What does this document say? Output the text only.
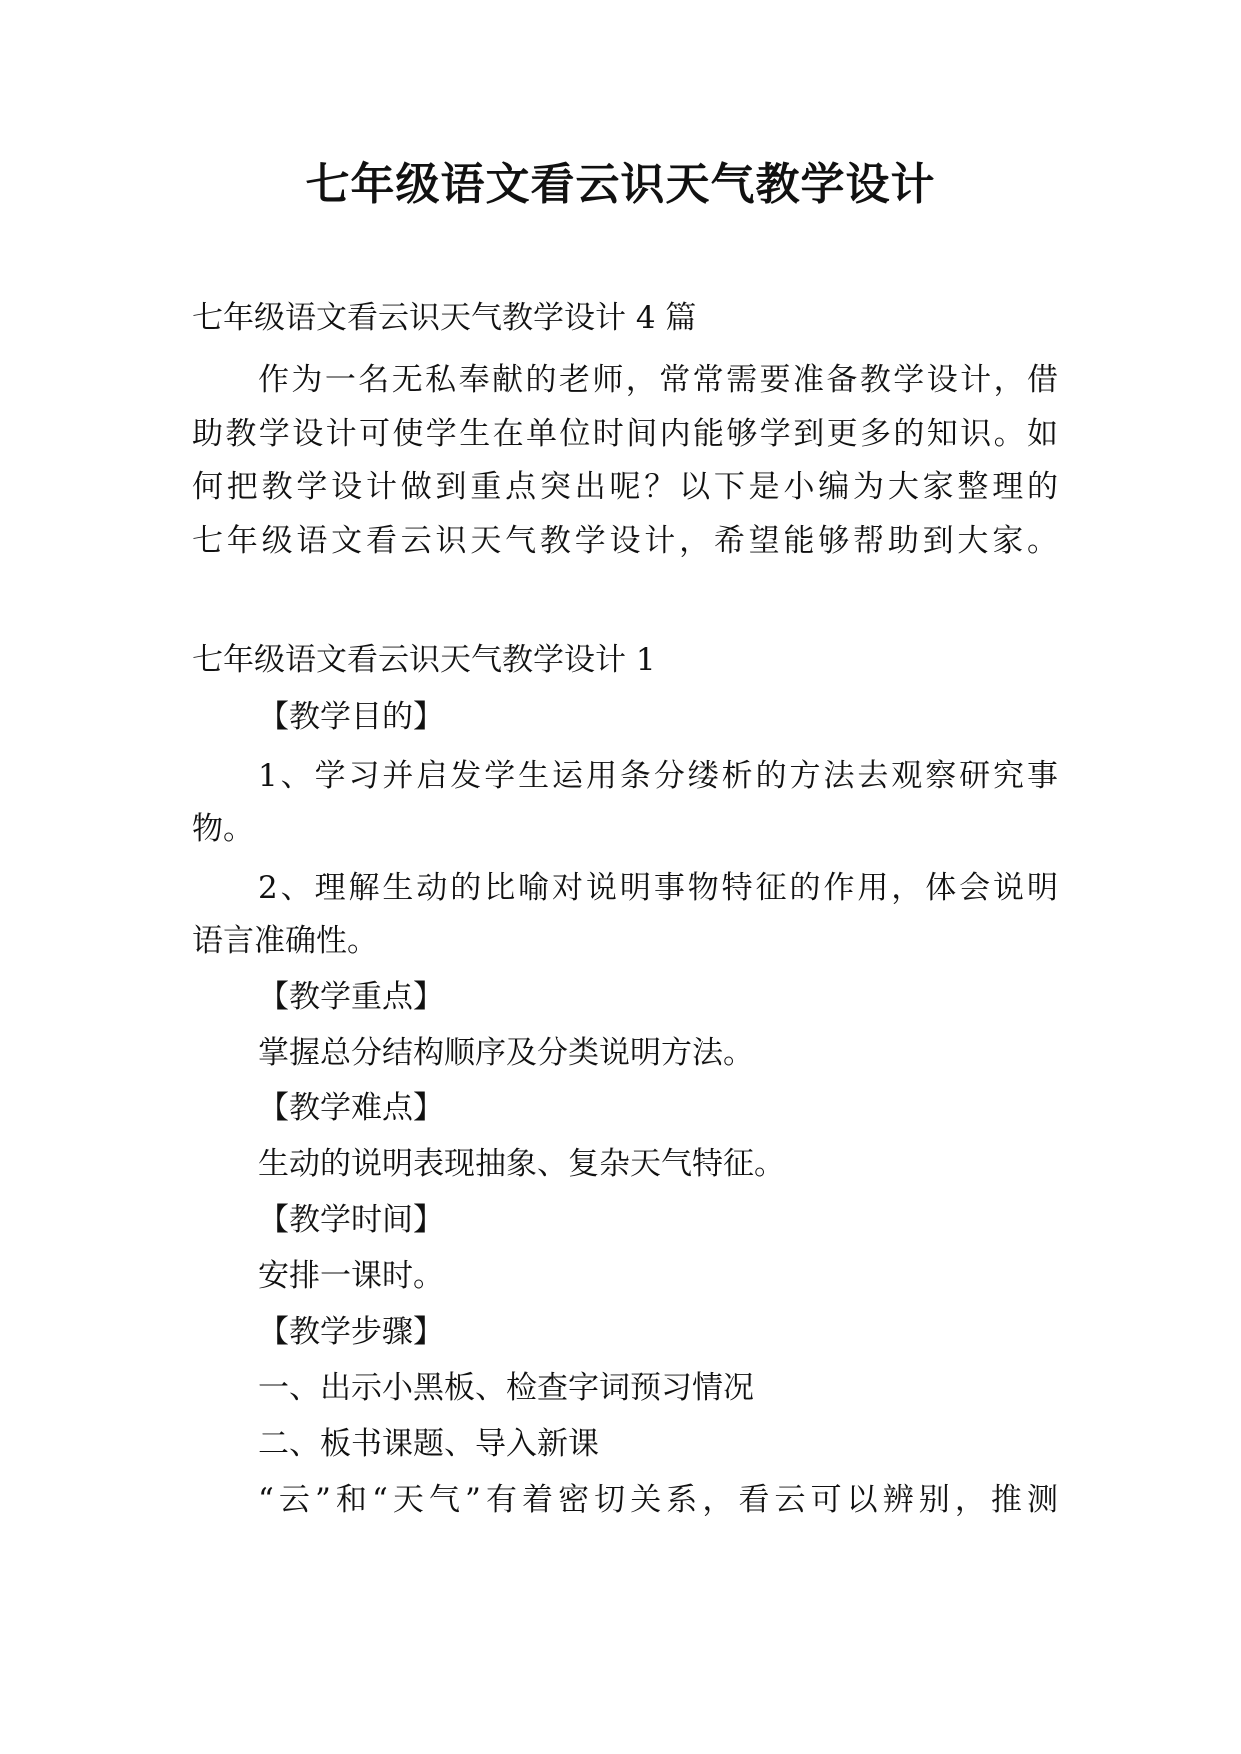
七年级语文看云识天气教学设计
七年级语文看云识天气教学设计 4 篇
作为一名无私奉献的老师，常常需要准备教学设计，借
助教学设计可使学生在单位时间内能够学到更多的知识。如
何把教学设计做到重点突出呢？以下是小编为大家整理的
七年级语文看云识天气教学设计，希望能够帮助到大家。
七年级语文看云识天气教学设计 1
【教学目的】
1、学习并启发学生运用条分缕析的方法去观察研究事
物。
2、理解生动的比喻对说明事物特征的作用，体会说明
语言准确性。
【教学重点】
掌握总分结构顺序及分类说明方法。
【教学难点】
生动的说明表现抽象、复杂天气特征。
【教学时间】
安排一课时。
【教学步骤】
一、出示小黑板、检查字词预习情况
二、板书课题、导入新课
“云”和“天气”有着密切关系，看云可以辨别，推测
